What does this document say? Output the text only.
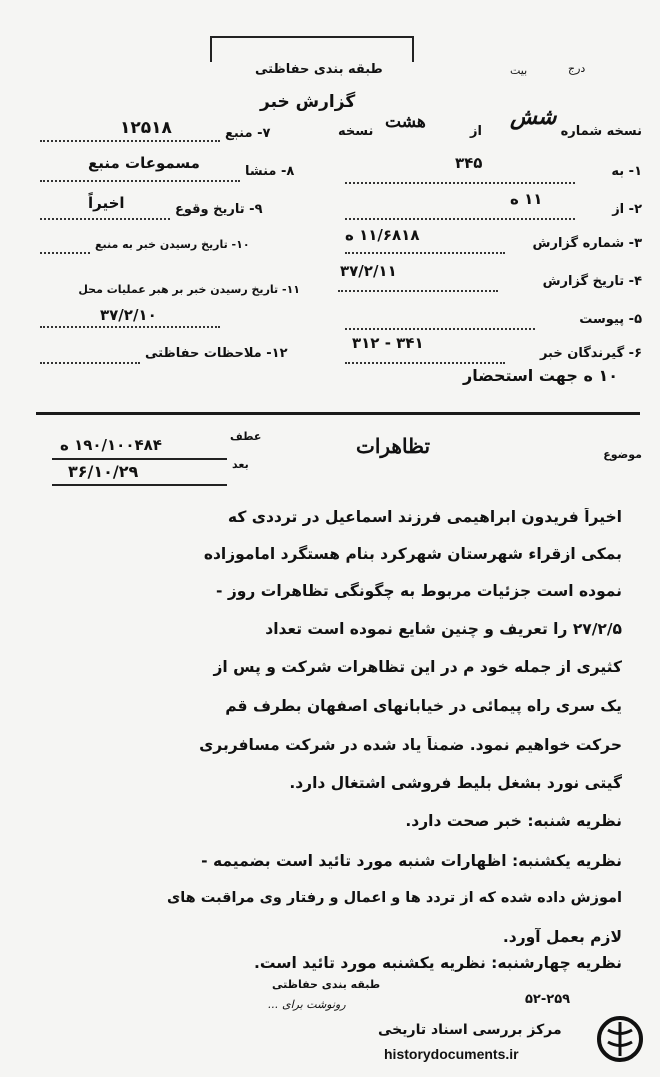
درج
بیت
طبقه بندی حفاظتی
گزارش خبر
نسخه شماره
شش
از
هشت
نسخه
۱- به
۳۴۵
۲- از
۱۱ ه
۳- شماره گزارش
۱۱/۶۸۱۸ ه
۴- تاریخ گزارش
۳۷/۲/۱۱
۵- پیوست
۶- گیرندگان خبر
۳۴۱ - ۳۱۲
۱۰ ه جهت استحضار
۷- منبع
۱۲۵۱۸
۸- منشا
مسموعات منبع
۹- تاریخ وقوع
اخیراً
۱۰- تاریخ رسیدن خبر به منبع
۱۱- تاریخ رسیدن خبر بر هبر عملیات محل
۳۷/۲/۱۰
۱۲- ملاحظات حفاظتی
موضوع
تظاهرات
عطف
۱۹۰/۱۰۰۴۸۴ ه
بعد
۳۶/۱۰/۲۹
اخیراً فریدون ابراهیمی فرزند اسماعیل در ترددی که
بمکی ازقراء شهرستان شهرکرد بنام هستگرد اماموزاده
نموده است جزئیات مربوط به چگونگی تظاهرات روز -
۲۷/۲/۵ را تعریف و چنین شایع نموده است تعداد
کثیری از جمله خود م در این تظاهرات شرکت و پس از
یک سری راه پیمائی در خیابانهای اصفهان بطرف قم
حرکت خواهیم نمود. ضمناً یاد شده در شرکت مسافربری
گیتی نورد بشغل بلیط فروشی اشتغال دارد.
نظریه شنبه: خبر صحت دارد.
نظریه یکشنبه: اظهارات شنبه مورد تائید است بضمیمه -
آموزش داده شده که از تردد ها و اعمال و رفتار وی مراقبت های
لازم بعمل آورد.
نظریه چهارشنبه: نظریه یکشنبه مورد تائید است.
طبقه بندی حفاظتی
رونوشت برای ...	۵۲-۲۵۹
مرکز بررسی اسناد تاریخی
historydocuments.ir
